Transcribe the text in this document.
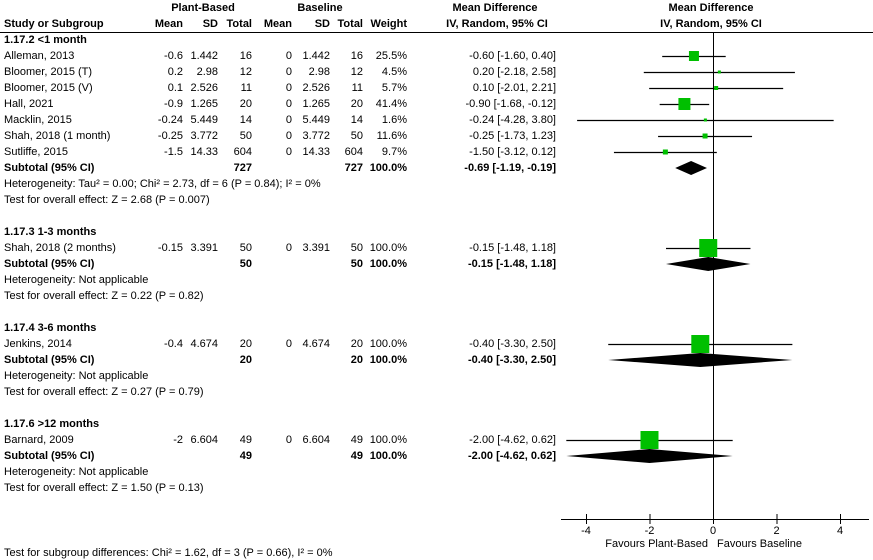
Plant-Based	Baseline	Mean Difference	Mean Difference
Study or Subgroup	Mean	SD Total	Mean	SD Total Weight	IV, Random, 95% CI	IV, Random, 95% CI
1.17.2 <1 month
Alleman, 2013	-0.6 1.442	16	0 1.442	16	25.5%	-0.60 [-1.60, 0.40]
Bloomer, 2015 (T)	0.2	2.98	12	0	2.98	12	4.5%	0.20 [-2.18, 2.58]
Bloomer, 2015 (V)	0.1 2.526	11	0 2.526	11	5.7%	0.10 [-2.01, 2.21]
Hall, 2021	-0.9 1.265	20	0 1.265	20	41.4%	-0.90 [-1.68, -0.12]
Macklin, 2015	-0.24 5.449	14	0 5.449	14	1.6%	-0.24 [-4.28, 3.80]
Shah, 2018 (1 month)	-0.25 3.772	50	0 3.772	50	11.6%	-0.25 [-1.73, 1.23]
Sutliffe, 2015	-1.5 14.33	604	0 14.33	604	9.7%	-1.50 [-3.12, 0.12]
Subtotal (95% CI)	727	727 100.0%	-0.69 [-1.19, -0.19]
Heterogeneity: Tau² = 0.00; Chi² = 2.73, df = 6 (P = 0.84); I² = 0%
Test for overall effect: Z = 2.68 (P = 0.007)
1.17.3 1-3 months
Shah, 2018 (2 months)	-0.15 3.391	50	0 3.391	50 100.0%	-0.15 [-1.48, 1.18]
Subtotal (95% CI)	50	50 100.0%	-0.15 [-1.48, 1.18]
Heterogeneity: Not applicable
Test for overall effect: Z = 0.22 (P = 0.82)
1.17.4 3-6 months
Jenkins, 2014	-0.4 4.674	20	0 4.674	20 100.0%	-0.40 [-3.30, 2.50]
Subtotal (95% CI)	20	20 100.0%	-0.40 [-3.30, 2.50]
Heterogeneity: Not applicable
Test for overall effect: Z = 0.27 (P = 0.79)
1.17.6 >12 months
Barnard, 2009	-2 6.604	49	0 6.604	49 100.0%	-2.00 [-4.62, 0.62]
Subtotal (95% CI)	49	49 100.0%	-2.00 [-4.62, 0.62]
Heterogeneity: Not applicable
Test for overall effect: Z = 1.50 (P = 0.13)
-4	-2	0	2	4
Favours Plant-Based Favours Baseline
Test for subgroup differences: Chi² = 1.62, df = 3 (P = 0.66), I² = 0%
